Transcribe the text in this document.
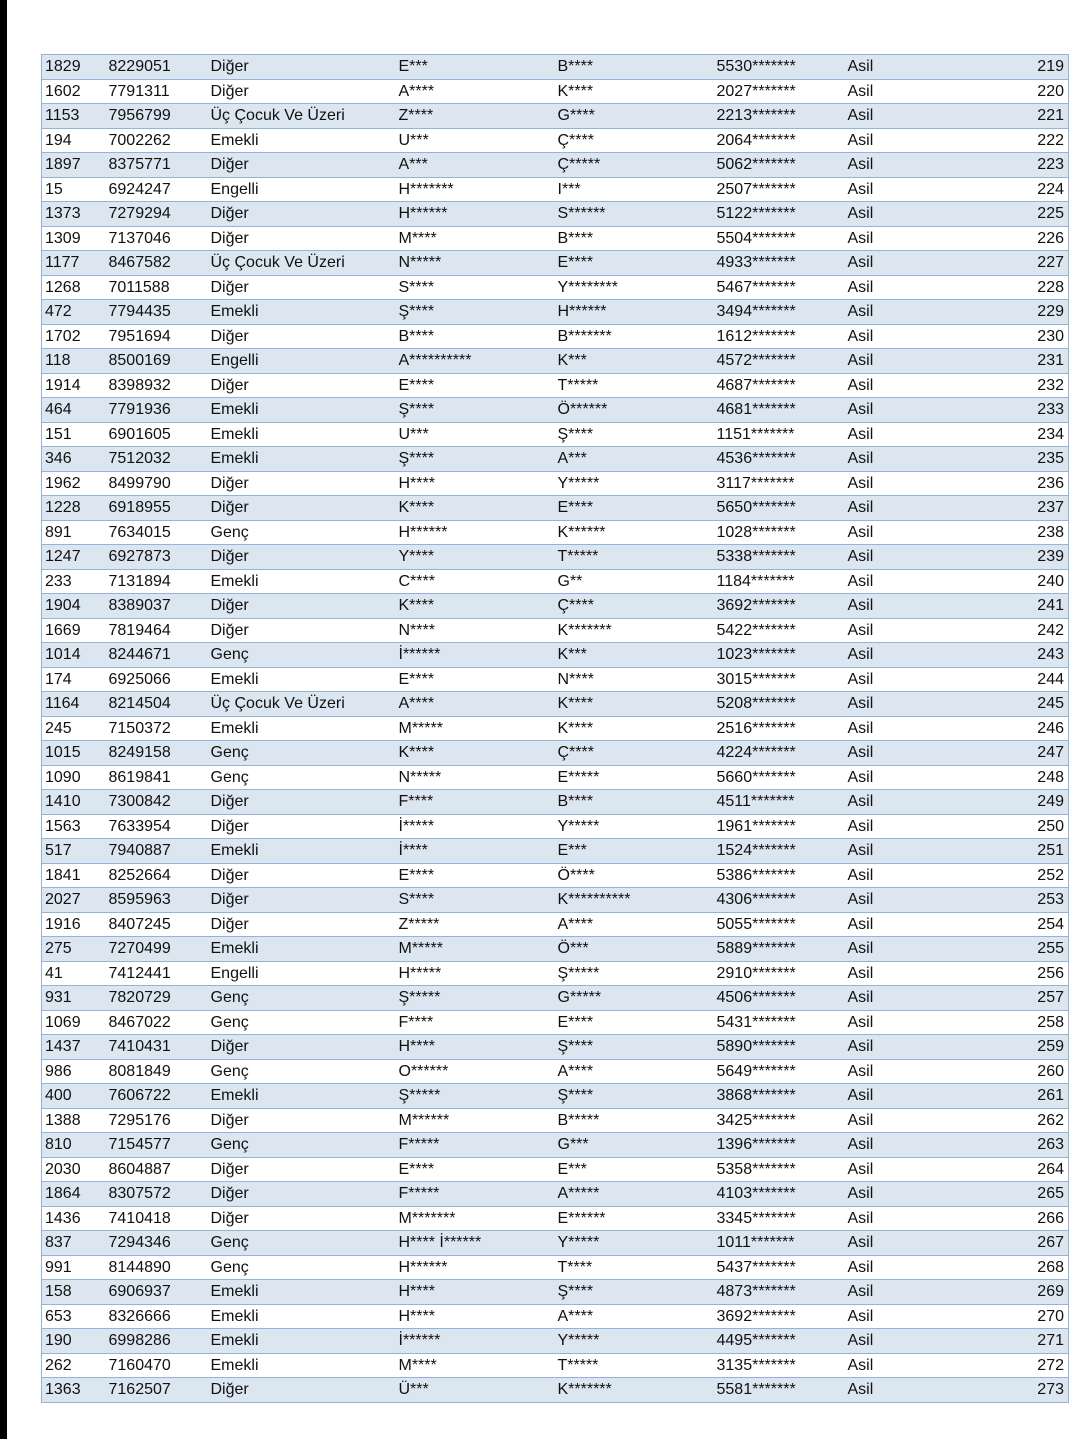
1829	8229051	Diğer	E***	B****	5530*******	Asil	219
1602	7791311	Diğer	A****	K****	2027*******	Asil	220
1153	7956799	Üç Çocuk Ve Üzeri	Z****	G****	2213*******	Asil	221
194	7002262	Emekli	U***	Ç****	2064*******	Asil	222
1897	8375771	Diğer	A***	Ç*****	5062*******	Asil	223
15	6924247	Engelli	H*******	I***	2507*******	Asil	224
1373	7279294	Diğer	H******	S******	5122*******	Asil	225
1309	7137046	Diğer	M****	B****	5504*******	Asil	226
1177	8467582	Üç Çocuk Ve Üzeri	N*****	E****	4933*******	Asil	227
1268	7011588	Diğer	S****	Y********	5467*******	Asil	228
472	7794435	Emekli	Ş****	H******	3494*******	Asil	229
1702	7951694	Diğer	B****	B*******	1612*******	Asil	230
118	8500169	Engelli	A**********	K***	4572*******	Asil	231
1914	8398932	Diğer	E****	T*****	4687*******	Asil	232
464	7791936	Emekli	Ş****	Ö******	4681*******	Asil	233
151	6901605	Emekli	U***	Ş****	1151*******	Asil	234
346	7512032	Emekli	Ş****	A***	4536*******	Asil	235
1962	8499790	Diğer	H****	Y*****	3117*******	Asil	236
1228	6918955	Diğer	K****	E****	5650*******	Asil	237
891	7634015	Genç	H******	K******	1028*******	Asil	238
1247	6927873	Diğer	Y****	T*****	5338*******	Asil	239
233	7131894	Emekli	C****	G**	1184*******	Asil	240
1904	8389037	Diğer	K****	Ç****	3692*******	Asil	241
1669	7819464	Diğer	N****	K*******	5422*******	Asil	242
1014	8244671	Genç	İ******	K***	1023*******	Asil	243
174	6925066	Emekli	E****	N****	3015*******	Asil	244
1164	8214504	Üç Çocuk Ve Üzeri	A****	K****	5208*******	Asil	245
245	7150372	Emekli	M*****	K****	2516*******	Asil	246
1015	8249158	Genç	K****	Ç****	4224*******	Asil	247
1090	8619841	Genç	N*****	E*****	5660*******	Asil	248
1410	7300842	Diğer	F****	B****	4511*******	Asil	249
1563	7633954	Diğer	İ*****	Y*****	1961*******	Asil	250
517	7940887	Emekli	İ****	E***	1524*******	Asil	251
1841	8252664	Diğer	E****	Ö****	5386*******	Asil	252
2027	8595963	Diğer	S****	K**********	4306*******	Asil	253
1916	8407245	Diğer	Z*****	A****	5055*******	Asil	254
275	7270499	Emekli	M*****	Ö***	5889*******	Asil	255
41	7412441	Engelli	H*****	Ş*****	2910*******	Asil	256
931	7820729	Genç	Ş*****	G*****	4506*******	Asil	257
1069	8467022	Genç	F****	E****	5431*******	Asil	258
1437	7410431	Diğer	H****	Ş****	5890*******	Asil	259
986	8081849	Genç	O******	A****	5649*******	Asil	260
400	7606722	Emekli	Ş*****	Ş****	3868*******	Asil	261
1388	7295176	Diğer	M******	B*****	3425*******	Asil	262
810	7154577	Genç	F*****	G***	1396*******	Asil	263
2030	8604887	Diğer	E****	E***	5358*******	Asil	264
1864	8307572	Diğer	F*****	A*****	4103*******	Asil	265
1436	7410418	Diğer	M*******	E******	3345*******	Asil	266
837	7294346	Genç	H**** İ******	Y*****	1011*******	Asil	267
991	8144890	Genç	H******	T****	5437*******	Asil	268
158	6906937	Emekli	H****	Ş****	4873*******	Asil	269
653	8326666	Emekli	H****	A****	3692*******	Asil	270
190	6998286	Emekli	İ******	Y*****	4495*******	Asil	271
262	7160470	Emekli	M****	T*****	3135*******	Asil	272
1363	7162507	Diğer	Ü***	K*******	5581*******	Asil	273
